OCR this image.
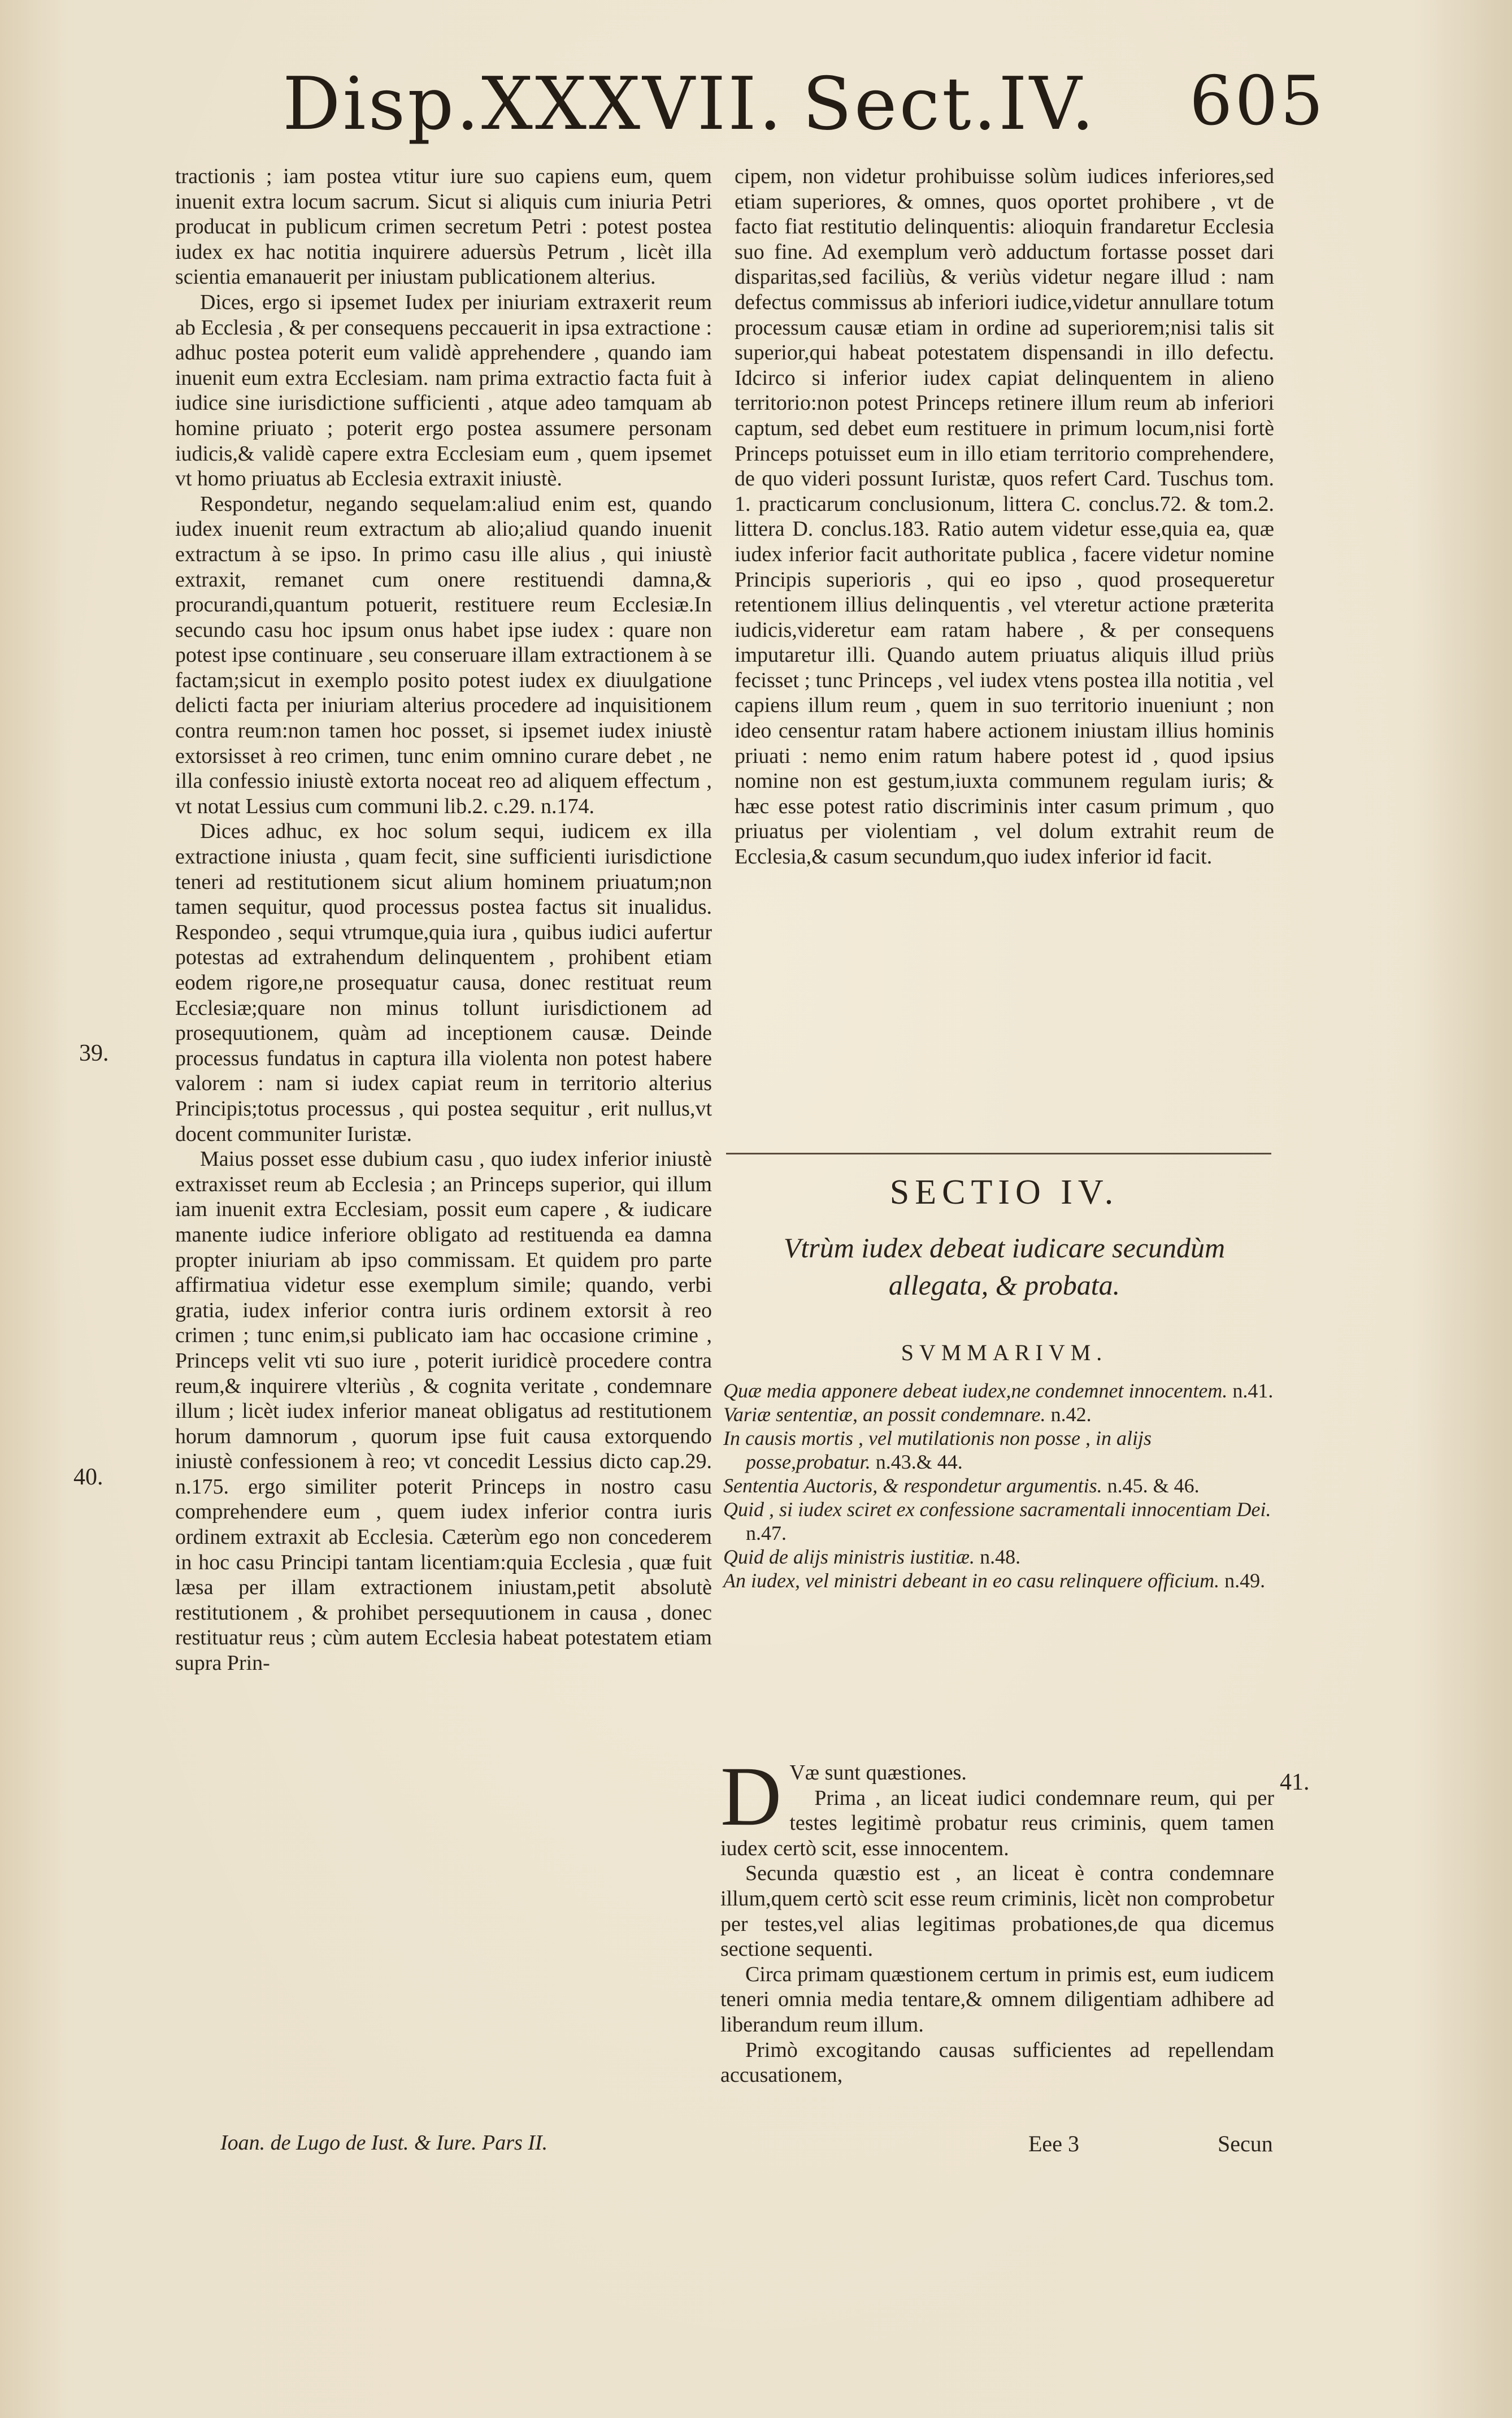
Disp.XXXVII. Sect.IV. 605

tractionis ; iam postea vtitur iure suo capiens eum, quem inuenit extra locum sacrum. Sicut si aliquis cum iniuria Petri producat in publicum crimen secretum Petri : potest postea iudex ex hac notitia inquirere aduersùs Petrum , licèt illa scientia emanauerit per iniustam publicationem alterius.

Dices, ergo si ipsemet Iudex per iniuriam extraxerit reum ab Ecclesia , & per consequens peccauerit in ipsa extractione : adhuc postea poterit eum validè apprehendere , quando iam inuenit eum extra Ecclesiam. nam prima extractio facta fuit à iudice sine iurisdictione sufficienti , atque adeo tamquam ab homine priuato ; poterit ergo postea assumere personam iudicis,& validè capere extra Ecclesiam eum , quem ipsemet vt homo priuatus ab Ecclesia extraxit iniustè.

Respondetur, negando sequelam:aliud enim est, quando iudex inuenit reum extractum ab alio;aliud quando inuenit extractum à se ipso. In primo casu ille alius , qui iniustè extraxit, remanet cum onere restituendi damna,& procurandi,quantum potuerit, restituere reum Ecclesiæ.In secundo casu hoc ipsum onus habet ipse iudex : quare non potest ipse continuare , seu conseruare illam extractionem à se factam;sicut in exemplo posito potest iudex ex diuulgatione delicti facta per iniuriam alterius procedere ad inquisitionem contra reum:non tamen hoc posset, si ipsemet iudex iniustè extorsisset à reo crimen, tunc enim omnino curare debet , ne illa confessio iniustè extorta noceat reo ad aliquem effectum , vt notat Lessius cum communi lib.2. c.29. n.174.

Dices adhuc, ex hoc solum sequi, iudicem ex illa extractione iniusta , quam fecit, sine sufficienti iurisdictione teneri ad restitutionem sicut alium hominem priuatum;non tamen sequitur, quod processus postea factus sit inualidus. Respondeo , sequi vtrumque,quia iura , quibus iudici aufertur potestas ad extrahendum delinquentem , prohibent etiam eodem rigore,ne prosequatur causa, donec restituat reum Ecclesiæ;quare non minus tollunt iurisdictionem ad prosequutionem, quàm ad inceptionem causæ. Deinde processus fundatus in captura illa violenta non potest habere valorem : nam si iudex capiat reum in territorio alterius Principis;totus processus , qui postea sequitur , erit nullus,vt docent communiter Iuristæ.

Maius posset esse dubium casu , quo iudex inferior iniustè extraxisset reum ab Ecclesia ; an Princeps superior, qui illum iam inuenit extra Ecclesiam, possit eum capere , & iudicare manente iudice inferiore obligato ad restituenda ea damna propter iniuriam ab ipso commissam. Et quidem pro parte affirmatiua videtur esse exemplum simile; quando, verbi gratia, iudex inferior contra iuris ordinem extorsit à reo crimen ; tunc enim,si publicato iam hac occasione crimine , Princeps velit vti suo iure , poterit iuridicè procedere contra reum,& inquirere vlteriùs , & cognita veritate , condemnare illum ; licèt iudex inferior maneat obligatus ad restitutionem horum damnorum , quorum ipse fuit causa extorquendo iniustè confessionem à reo; vt concedit Lessius dicto cap.29. n.175. ergo similiter poterit Princeps in nostro casu comprehendere eum , quem iudex inferior contra iuris ordinem extraxit ab Ecclesia. Cæterùm ego non concederem in hoc casu Principi tantam licentiam:quia Ecclesia , quæ fuit læsa per illam extractionem iniustam,petit absolutè restitutionem , & prohibet persequutionem in causa , donec restituatur reus ; cùm autem Ecclesia habeat potestatem etiam supra Prin-

39.
40.
41.
Ioan. de Lugo de Iust. & Iure. Pars II.

cipem, non videtur prohibuisse solùm iudices inferiores,sed etiam superiores, & omnes, quos oportet prohibere , vt de facto fiat restitutio delinquentis: alioquin frandaretur Ecclesia suo fine. Ad exemplum verò adductum fortasse posset dari disparitas,sed faciliùs, & veriùs videtur negare illud : nam defectus commissus ab inferiori iudice,videtur annullare totum processum causæ etiam in ordine ad superiorem;nisi talis sit superior,qui habeat potestatem dispensandi in illo defectu. Idcirco si inferior iudex capiat delinquentem in alieno territorio:non potest Princeps retinere illum reum ab inferiori captum, sed debet eum restituere in primum locum,nisi fortè Princeps potuisset eum in illo etiam territorio comprehendere, de quo videri possunt Iuristæ, quos refert Card. Tuschus tom. 1. practicarum conclusionum, littera C. conclus.72. & tom.2. littera D. conclus.183. Ratio autem videtur esse,quia ea, quæ iudex inferior facit authoritate publica , facere videtur nomine Principis superioris , qui eo ipso , quod prosequeretur retentionem illius delinquentis , vel vteretur actione præterita iudicis,videretur eam ratam habere , & per consequens imputaretur illi. Quando autem priuatus aliquis illud priùs fecisset ; tunc Princeps , vel iudex vtens postea illa notitia , vel capiens illum reum , quem in suo territorio inueniunt ; non ideo censentur ratam habere actionem iniustam illius hominis priuati : nemo enim ratum habere potest id , quod ipsius nomine non est gestum,iuxta communem regulam iuris; & hæc esse potest ratio discriminis inter casum primum , quo priuatus per violentiam , vel dolum extrahit reum de Ecclesia,& casum secundum,quo iudex inferior id facit.

SECTIO IV.
Vtrùm iudex debeat iudicare secundùm
allegata, & probata.
SVMMARIVM.
Quæ media apponere debeat iudex,ne condemnet innocentem. n.41.
Variæ sententiæ, an possit condemnare. n.42.
In causis mortis , vel mutilationis non posse , in alijs posse,probatur. n.43.& 44.
Sententia Auctoris, & respondetur argumentis. n.45. & 46.
Quid , si iudex sciret ex confessione sacramentali innocentiam Dei. n.47.
Quid de alijs ministris iustitiæ. n.48.
An iudex, vel ministri debeant in eo casu relinquere officium. n.49.

D Væ sunt quæstiones.

Prima , an liceat iudici condemnare reum, qui per testes legitimè probatur reus criminis, quem tamen iudex certò scit, esse innocentem.

Secunda quæstio est , an liceat è contra condemnare illum,quem certò scit esse reum criminis, licèt non comprobetur per testes,vel alias legitimas probationes,de qua dicemus sectione sequenti.

Circa primam quæstionem certum in primis est, eum iudicem teneri omnia media tentare,& omnem diligentiam adhibere ad liberandum reum illum.

Primò excogitando causas sufficientes ad repellendam accusationem,

Eee 3	Secun
